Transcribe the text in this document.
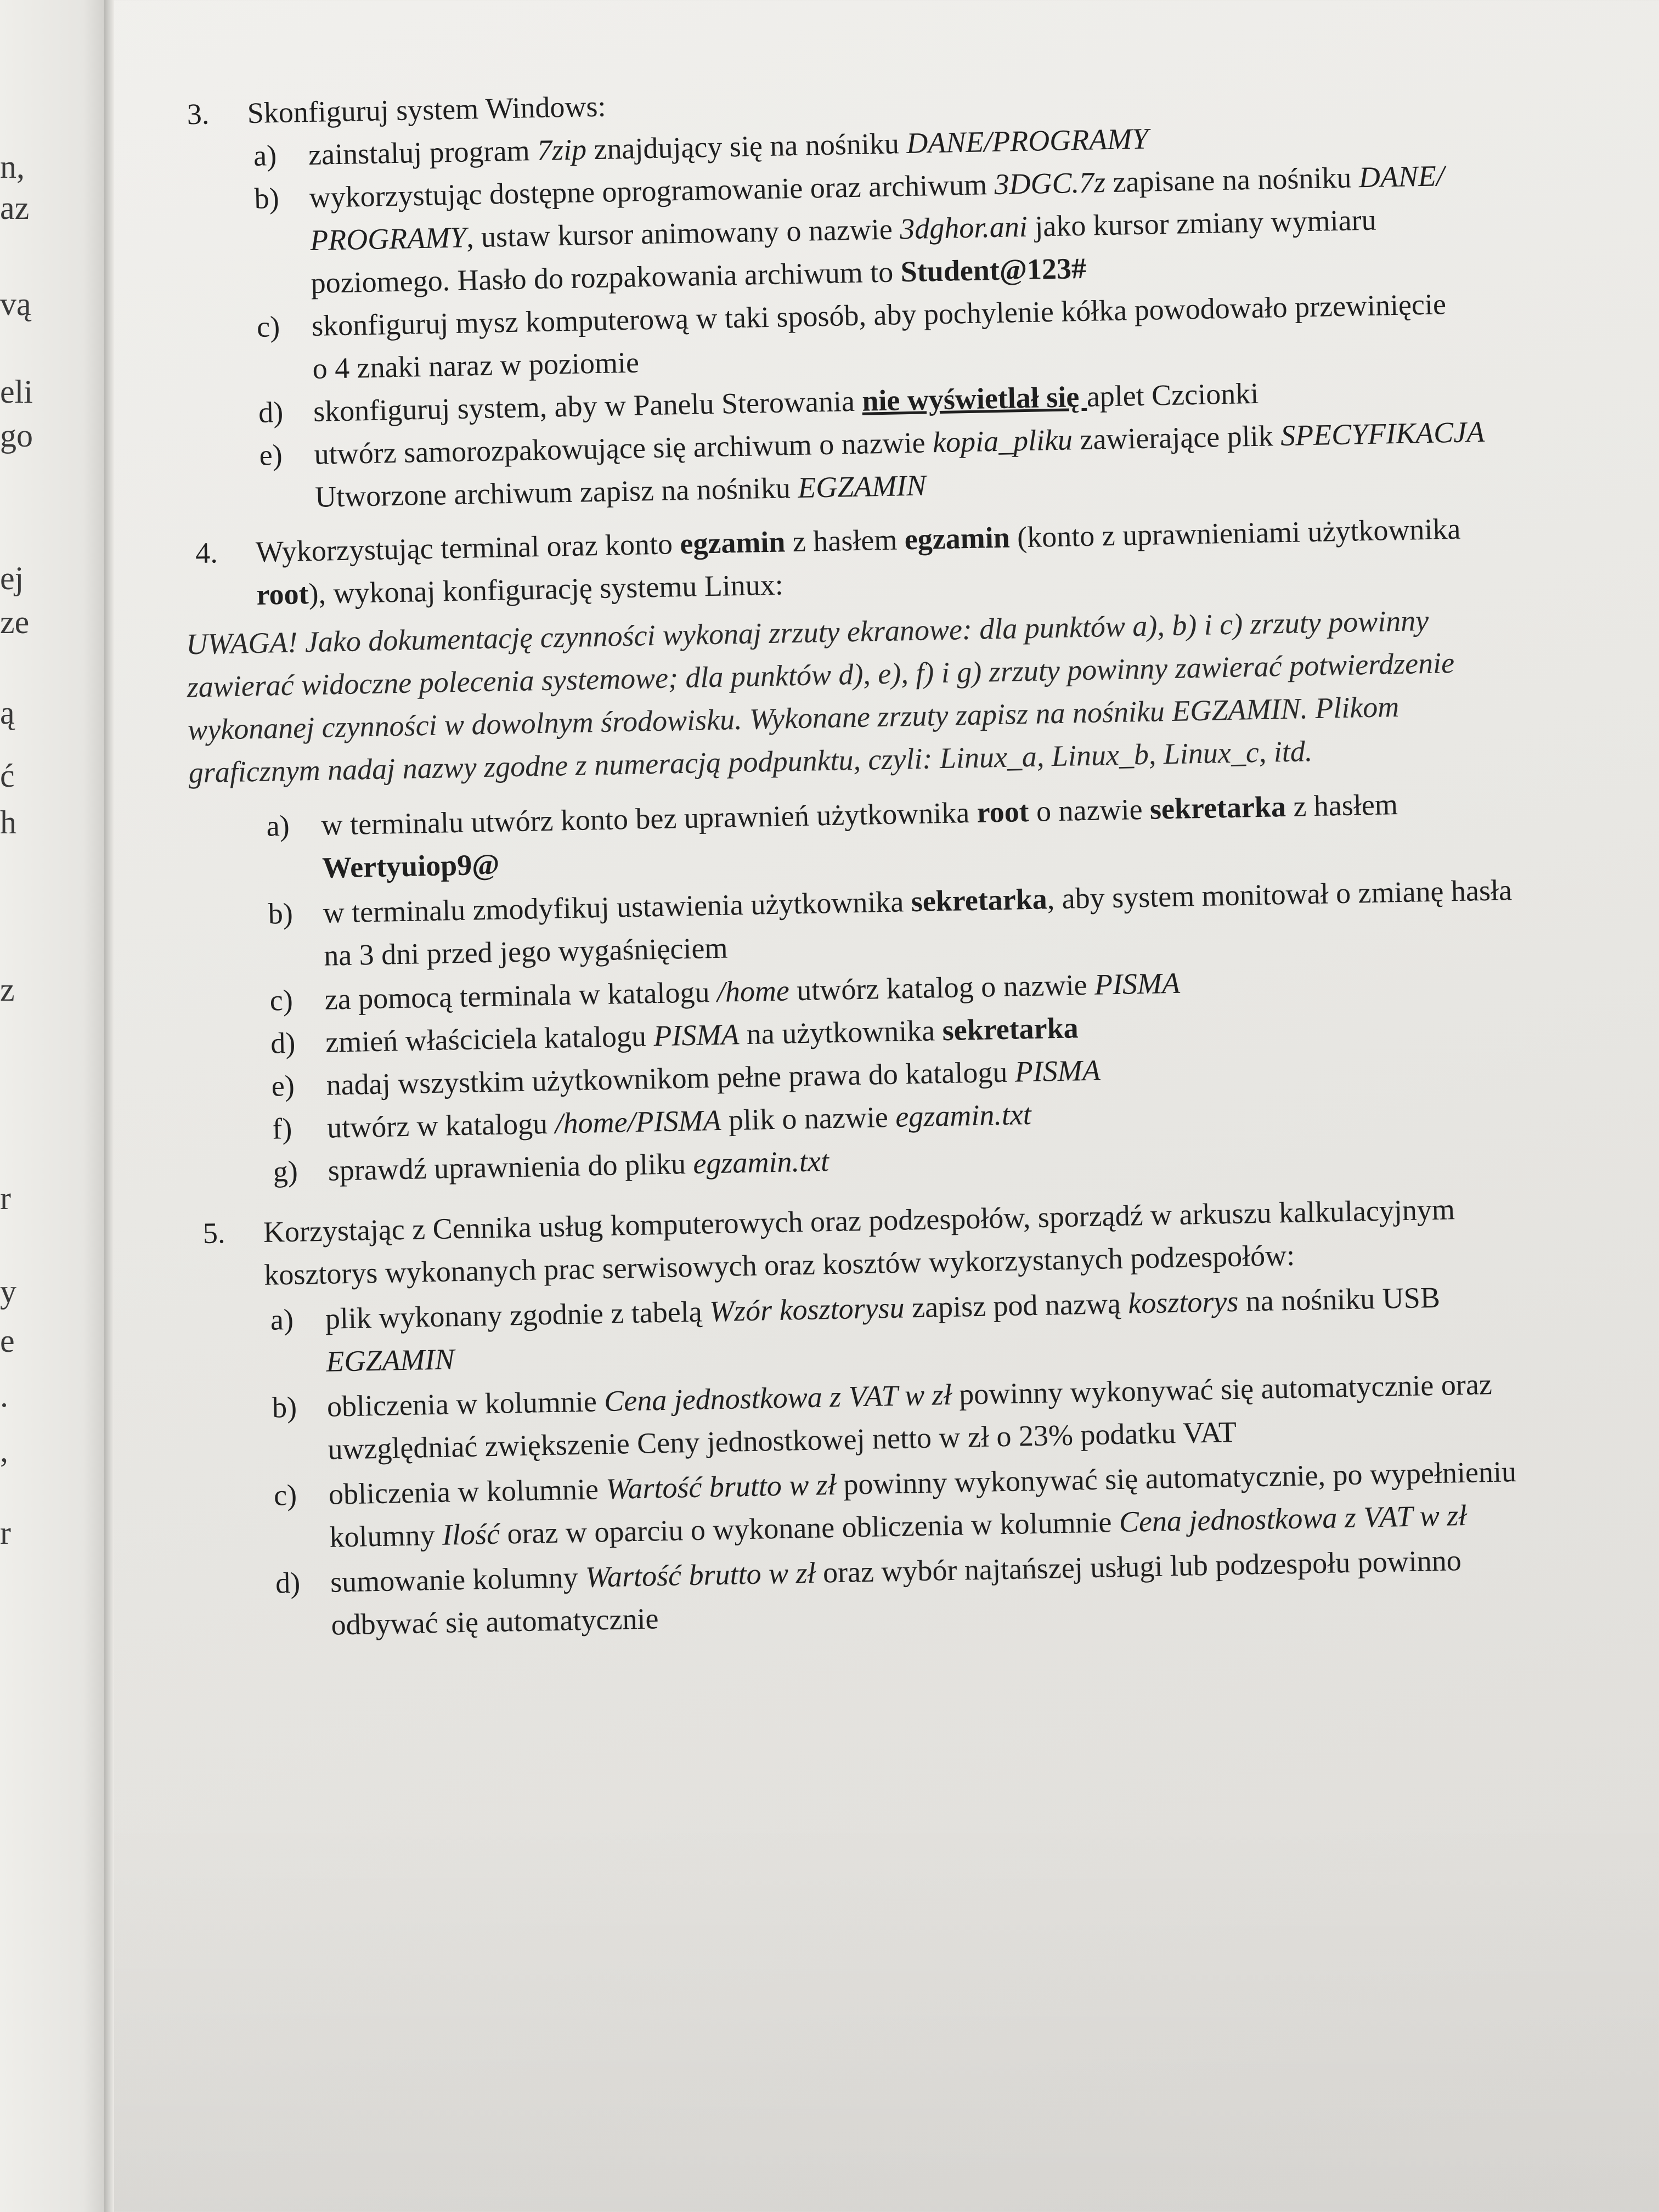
n,

az

vą

eli

go

ej

ze

ą

ć

h

z

r

y

e

.

,

r

3. Skonfiguruj system Windows:
a) zainstaluj program 7zip znajdujący się na nośniku DANE/PROGRAMY

b) wykorzystując dostępne oprogramowanie oraz archiwum 3DGC.7z zapisane na nośniku DANE/

PROGRAMY, ustaw kursor animowany o nazwie 3dghor.ani jako kursor zmiany wymiaru

poziomego. Hasło do rozpakowania archiwum to Student@123#

c) skonfiguruj mysz komputerową w taki sposób, aby pochylenie kółka powodowało przewinięcie

o 4 znaki naraz w poziomie

d) skonfiguruj system, aby w Panelu Sterowania nie wyświetlał się aplet Czcionki

e) utwórz samorozpakowujące się archiwum o nazwie kopia_pliku zawierające plik SPECYFIKACJA

Utworzone archiwum zapisz na nośniku EGZAMIN

4. Wykorzystując terminal oraz konto egzamin z hasłem egzamin (konto z uprawnieniami użytkownika

root), wykonaj konfigurację systemu Linux:

UWAGA! Jako dokumentację czynności wykonaj zrzuty ekranowe: dla punktów a), b) i c) zrzuty powinny

zawierać widoczne polecenia systemowe; dla punktów d), e), f) i g) zrzuty powinny zawierać potwierdzenie

wykonanej czynności w dowolnym środowisku. Wykonane zrzuty zapisz na nośniku EGZAMIN. Plikom

graficznym nadaj nazwy zgodne z numeracją podpunktu, czyli: Linux_a, Linux_b, Linux_c, itd.

a) w terminalu utwórz konto bez uprawnień użytkownika root o nazwie sekretarka z hasłem

Wertyuiop9@

b) w terminalu zmodyfikuj ustawienia użytkownika sekretarka, aby system monitował o zmianę hasła

na 3 dni przed jego wygaśnięciem

c) za pomocą terminala w katalogu /home utwórz katalog o nazwie PISMA

d) zmień właściciela katalogu PISMA na użytkownika sekretarka

e) nadaj wszystkim użytkownikom pełne prawa do katalogu PISMA

f) utwórz w katalogu /home/PISMA plik o nazwie egzamin.txt

g) sprawdź uprawnienia do pliku egzamin.txt

5. Korzystając z Cennika usług komputerowych oraz podzespołów, sporządź w arkuszu kalkulacyjnym

kosztorys wykonanych prac serwisowych oraz kosztów wykorzystanych podzespołów:

a) plik wykonany zgodnie z tabelą Wzór kosztorysu zapisz pod nazwą kosztorys na nośniku USB

EGZAMIN

b) obliczenia w kolumnie Cena jednostkowa z VAT w zł powinny wykonywać się automatycznie oraz

uwzględniać zwiększenie Ceny jednostkowej netto w zł o 23% podatku VAT

c) obliczenia w kolumnie Wartość brutto w zł powinny wykonywać się automatycznie, po wypełnieniu

kolumny Ilość oraz w oparciu o wykonane obliczenia w kolumnie Cena jednostkowa z VAT w zł

d) sumowanie kolumny Wartość brutto w zł oraz wybór najtańszej usługi lub podzespołu powinno

odbywać się automatycznie
